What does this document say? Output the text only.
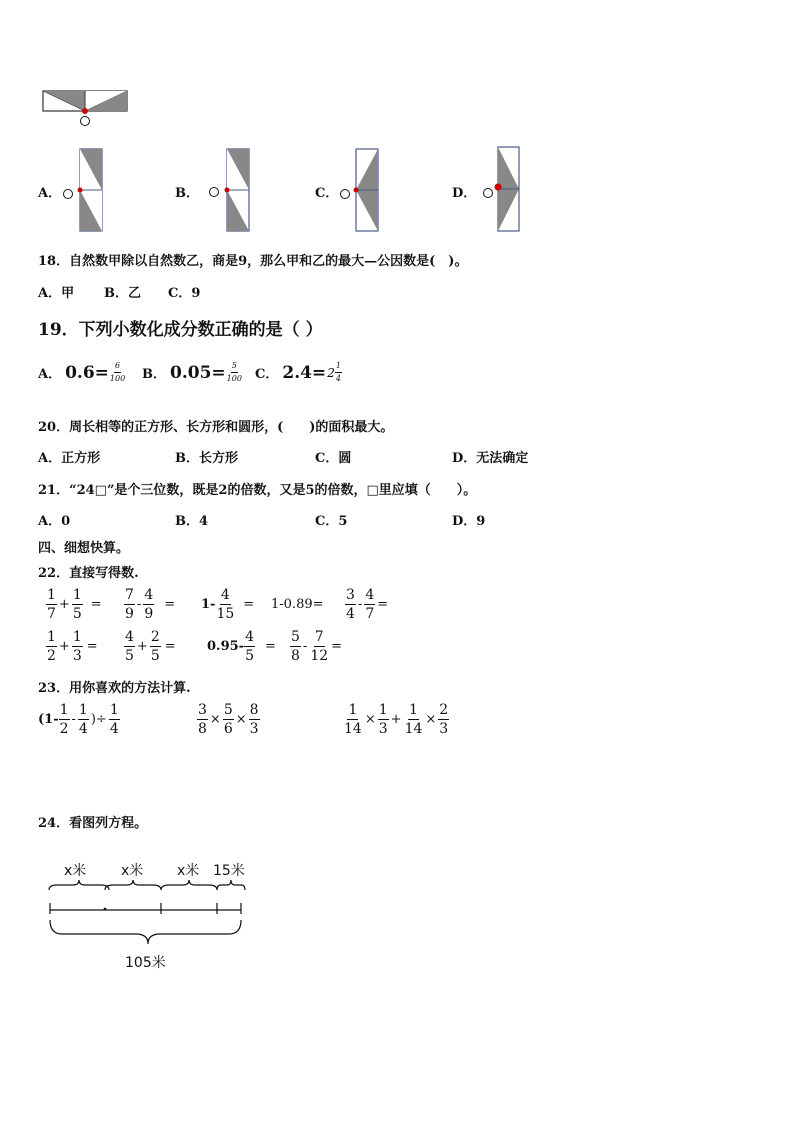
A．	B．	C．	D．
18．自然数甲除以自然数乙，商是9，那么甲和乙的最大—公因数是(　)。
A．甲 B．乙 C．9
19．下列小数化成分数正确的是（ ）
A． $0.6= \frac{6}{100}$ B． $0.05= \frac{5}{100}$ C． $2.4= 2 \frac{1}{4}$
20．周长相等的正方形、长方形和圆形，(　　)的面积最大。
A．正方形	B．长方形	C．圆	D．无法确定
21．“24□”是个三位数，既是2的倍数，又是5的倍数，□里应填（　　）。
A．0	B．4	C．5	D．9
四、细想快算。
22．直接写得数.
$\frac{1}{7} + \frac{1}{5} = \frac{7}{9} - \frac{4}{9} = 1- \frac{4}{15} = 1-0.89= \frac{3}{4} - \frac{4}{7}$ =
$\frac{1}{2} + \frac{1}{3} = \frac{4}{5} + \frac{2}{5} = 0.95- \frac{4}{5} = \frac{5}{8} - \frac{7}{12}$ =
23．用你喜欢的方法计算.
($1- \frac{1}{2} - \frac{1}{4}$ )÷ $\frac{1}{4}$	$\frac{3}{8} \times \frac{5}{6} \times \frac{8}{3}$	$\frac{1}{14} \times \frac{1}{3} + \frac{1}{14} \times \frac{2}{3}$
24．看图列方程。
x米 x米 x米 15米
105米
